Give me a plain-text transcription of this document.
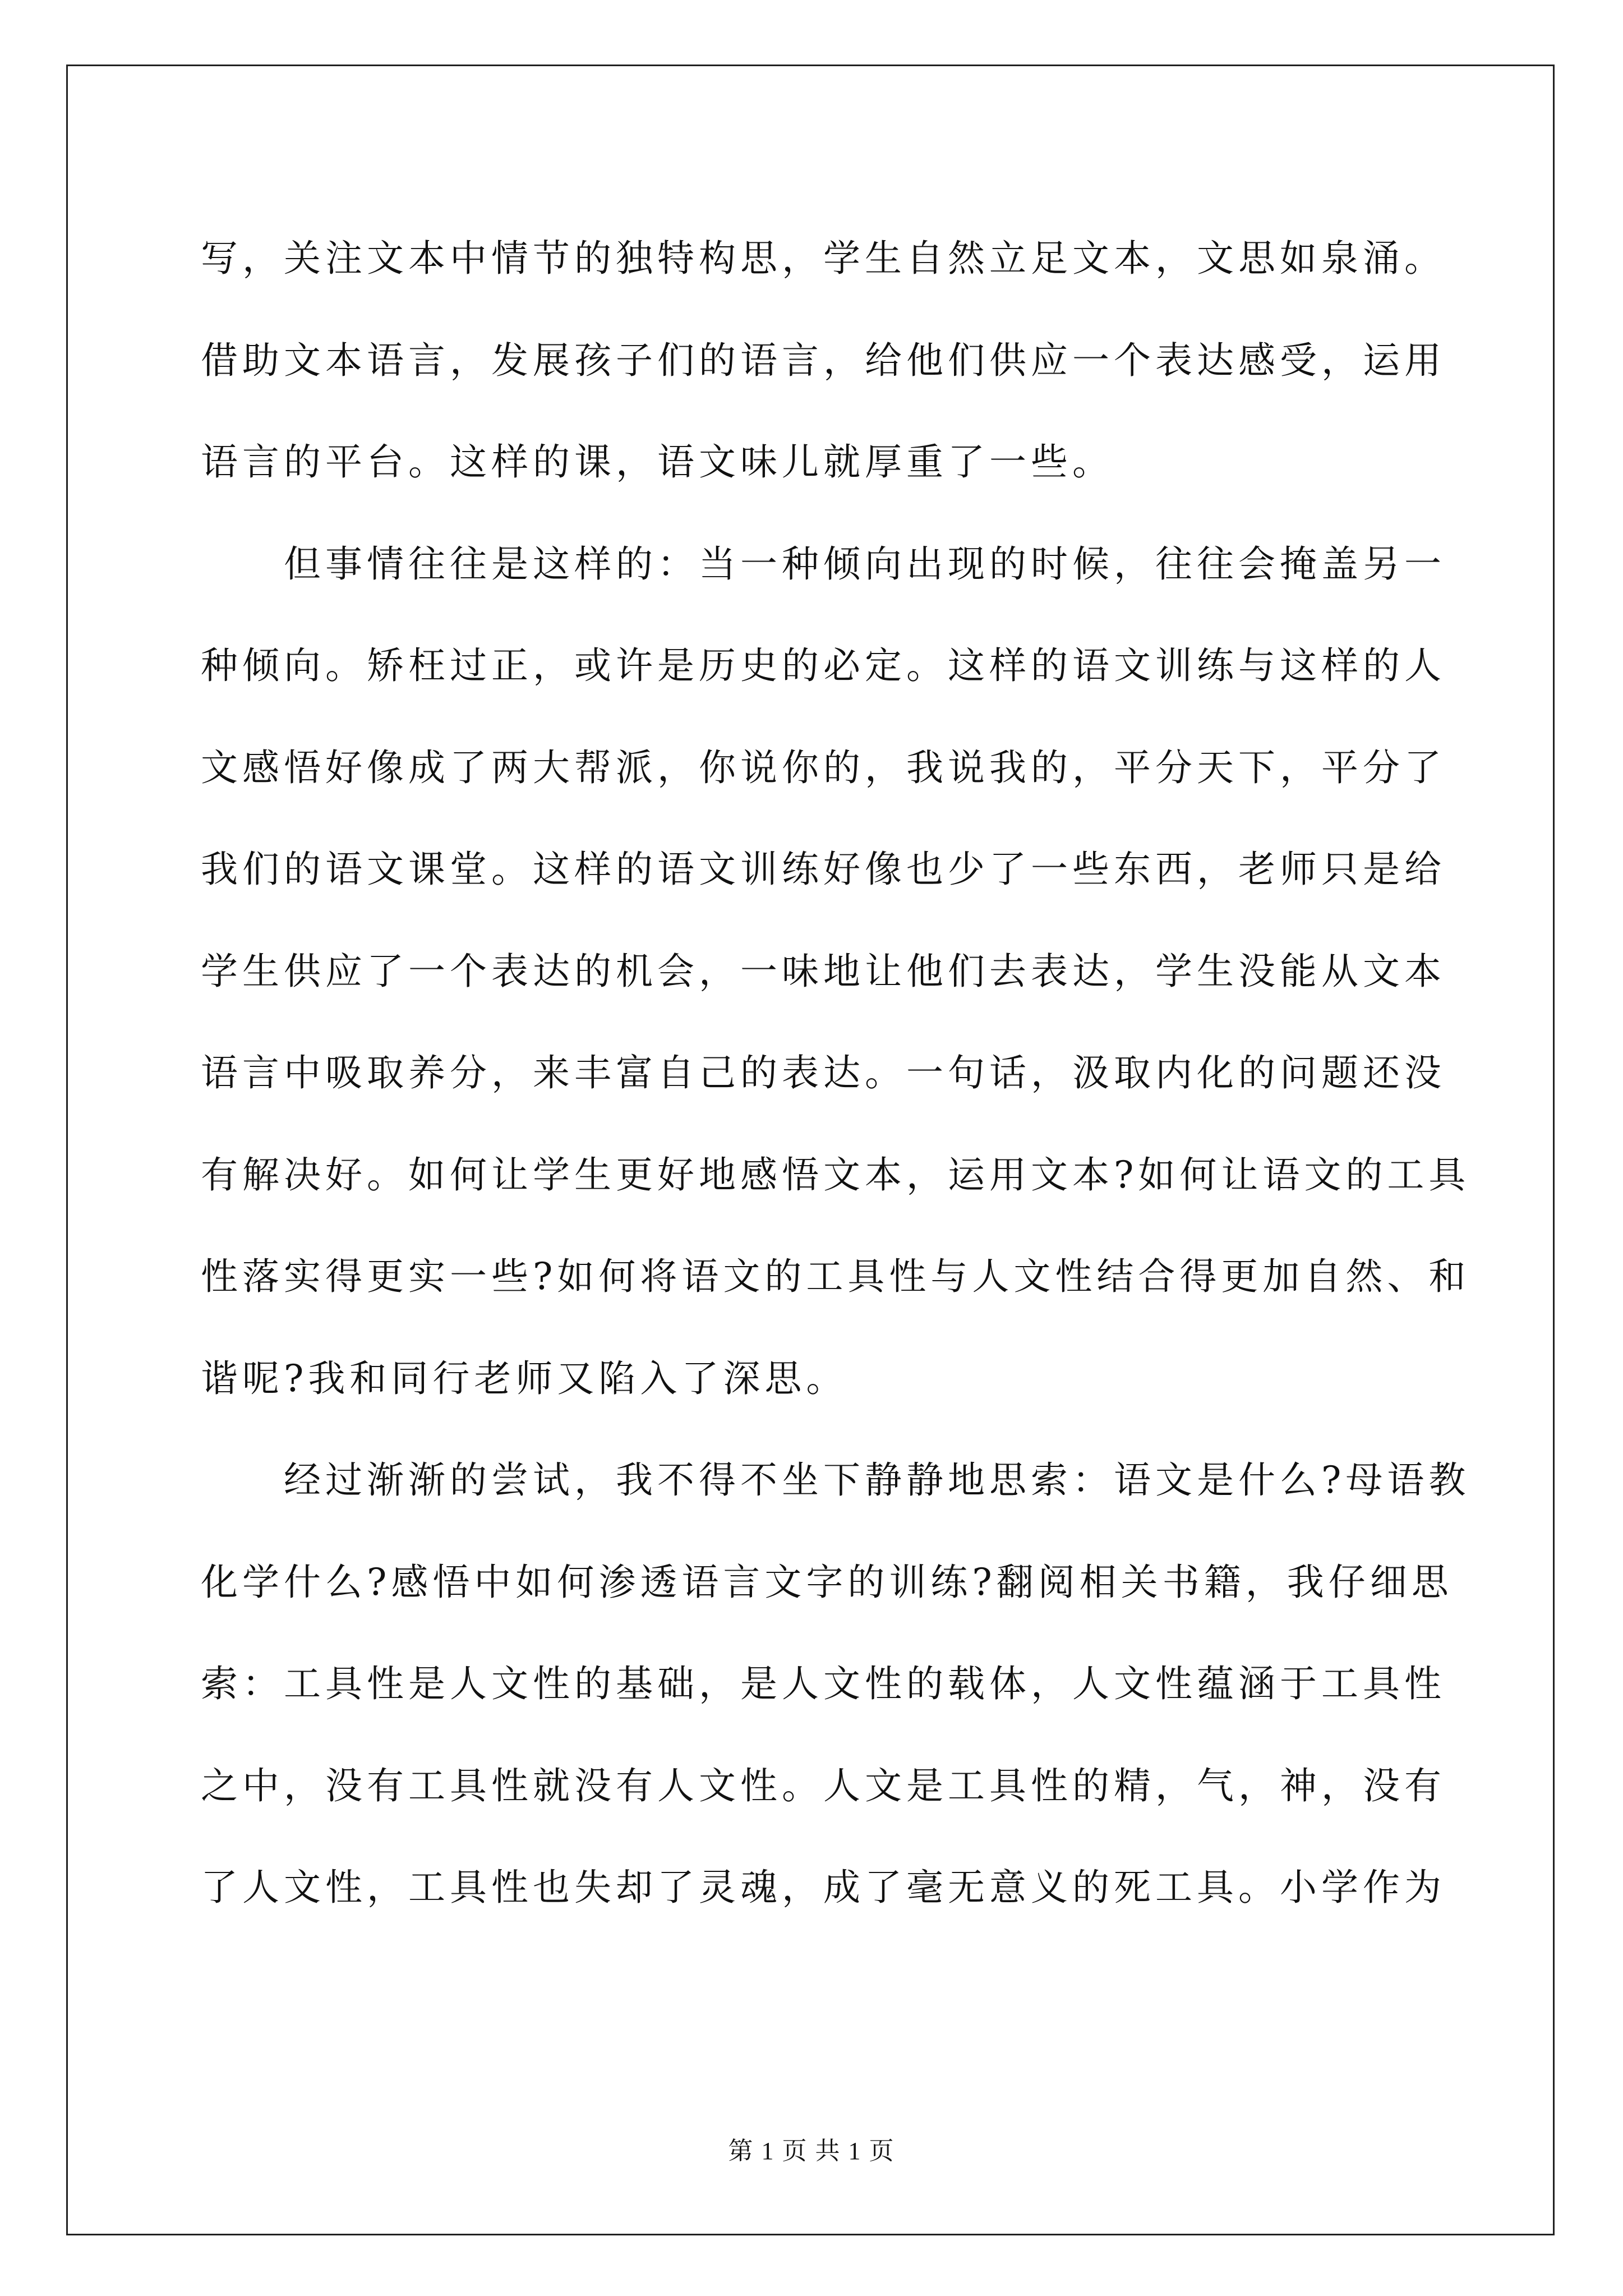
写，关注文本中情节的独特构思，学生自然立足文本，文思如泉涌。
借助文本语言，发展孩子们的语言，给他们供应一个表达感受，运用
语言的平台。这样的课，语文味儿就厚重了一些。
但事情往往是这样的：当一种倾向出现的时候，往往会掩盖另一
种倾向。矫枉过正，或许是历史的必定。这样的语文训练与这样的人
文感悟好像成了两大帮派，你说你的，我说我的，平分天下，平分了
我们的语文课堂。这样的语文训练好像也少了一些东西，老师只是给
学生供应了一个表达的机会，一味地让他们去表达，学生没能从文本
语言中吸取养分，来丰富自己的表达。一句话，汲取内化的问题还没
有解决好。如何让学生更好地感悟文本，运用文本?如何让语文的工具
性落实得更实一些?如何将语文的工具性与人文性结合得更加自然、和
谐呢?我和同行老师又陷入了深思。
经过渐渐的尝试，我不得不坐下静静地思索：语文是什么?母语教
化学什么?感悟中如何渗透语言文字的训练?翻阅相关书籍，我仔细思
索：工具性是人文性的基础，是人文性的载体，人文性蕴涵于工具性
之中，没有工具性就没有人文性。人文是工具性的精，气，神，没有
了人文性，工具性也失却了灵魂，成了毫无意义的死工具。小学作为
第 1 页 共 1 页
